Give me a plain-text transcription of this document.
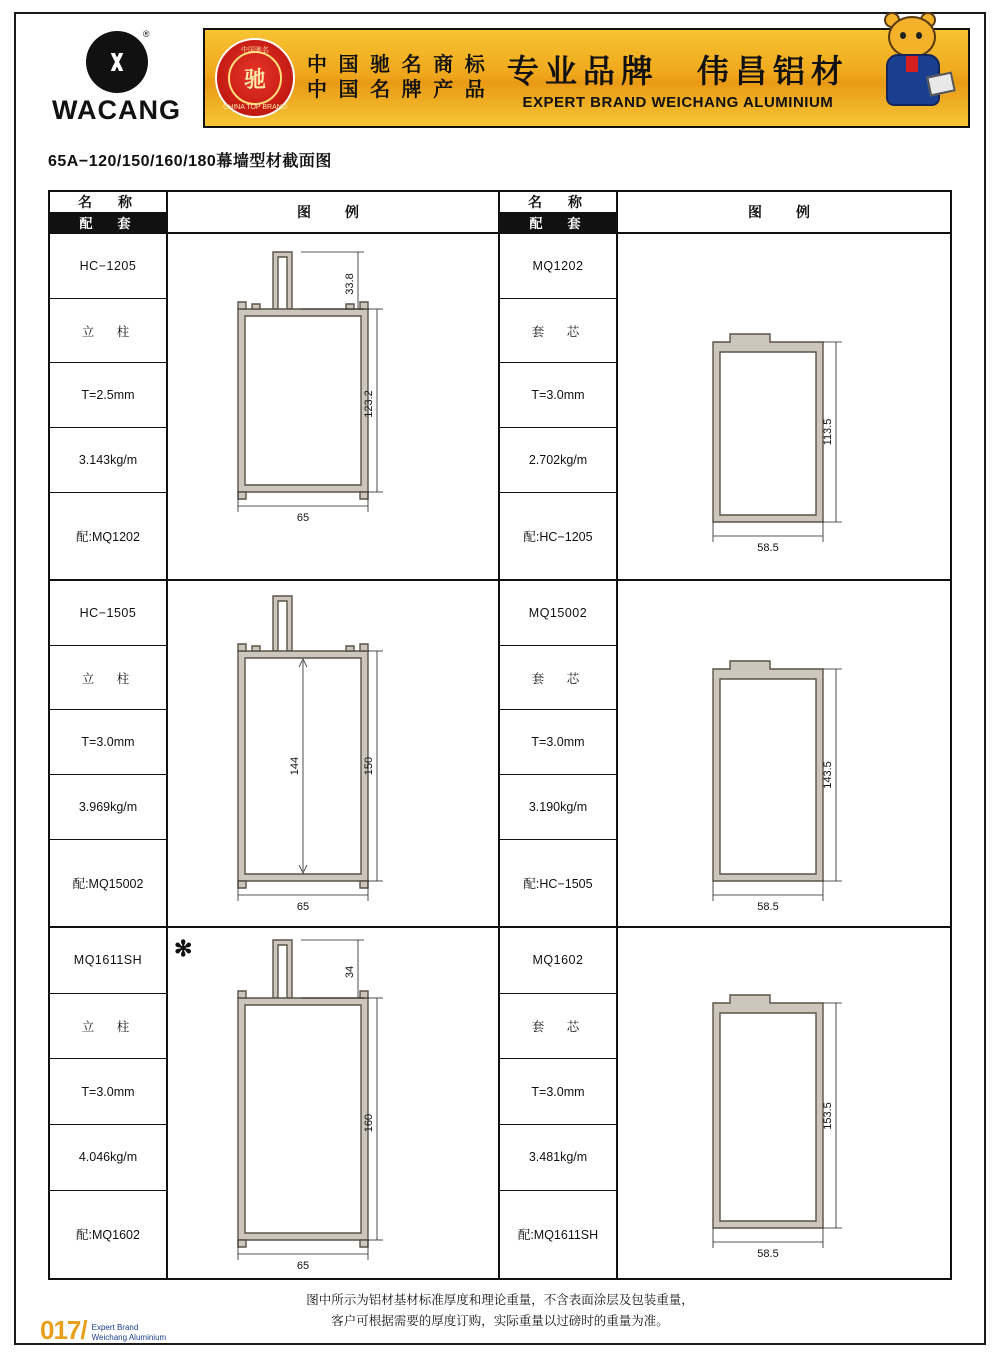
®
WACANG
中国驰名
驰
CHINA TOP BRAND
中 国 驰 名 商 标
中 国 名 牌 产 品
专业品牌　伟昌铝材
EXPERT BRAND WEICHANG ALUMINIUM
65A−120/150/160/180幕墙型材截面图
名　称
配　套
图　例
HC−1205
立　柱
T=2.5mm
3.143kg/m
配:MQ1202
33.8
123.2
65
HC−1505
立　柱
T=3.0mm
3.969kg/m
配:MQ15002
144	150
65
MQ1611SH
立　柱
T=3.0mm
4.046kg/m
配:MQ1602
✻
34
160
65
名　称
配　套
图　例
MQ1202
套　芯
T=3.0mm
2.702kg/m
配:HC−1205
113.5
58.5
MQ15002
套　芯
T=3.0mm
3.190kg/m
配:HC−1505
143.5
58.5
MQ1602
套　芯
T=3.0mm
3.481kg/m
配:MQ1611SH
153.5
58.5
图中所示为铝材基材标准厚度和理论重量，不含表面涂层及包装重量，
客户可根据需要的厚度订购，实际重量以过磅时的重量为准。
017 / Expert Brand
Weichang Aluminium
